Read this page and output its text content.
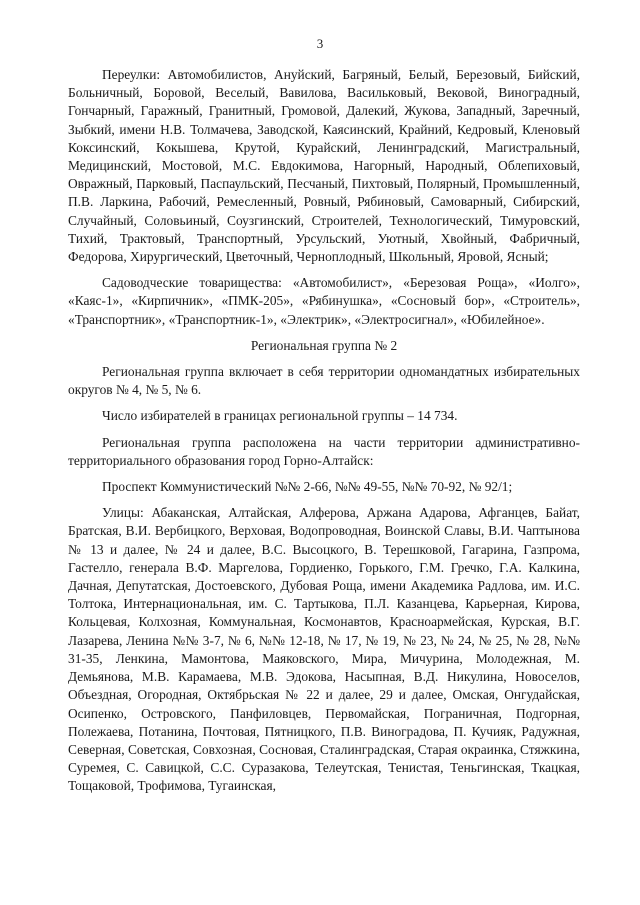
3

Переулки: Автомобилистов, Ануйский, Багряный, Белый, Березовый, Бийский, Больничный, Боровой, Веселый, Вавилова, Васильковый, Вековой, Виноградный, Гончарный, Гаражный, Гранитный, Громовой, Далекий, Жукова, Западный, Заречный, Зыбкий, имени Н.В. Толмачева, Заводской, Каясинский, Крайний, Кедровый, Кленовый Коксинский, Кокышева, Крутой, Курайский, Ленинградский, Магистральный, Медицинский, Мостовой, М.С. Евдокимова, Нагорный, Народный, Облепиховый, Овражный, Парковый, Паспаульский, Песчаный, Пихтовый, Полярный, Промышленный, П.В. Ларкина, Рабочий, Ремесленный, Ровный, Рябиновый, Самоварный, Сибирский, Случайный, Соловьиный, Соузгинский, Строителей, Технологический, Тимуровский, Тихий, Трактовый, Транспортный, Урсульский, Уютный, Хвойный, Фабричный, Федорова, Хирургический, Цветочный, Черноплодный, Школьный, Яровой, Ясный;

Садоводческие товарищества: «Автомобилист», «Березовая Роща», «Иолго», «Каяс-1», «Кирпичник», «ПМК-205», «Рябинушка», «Сосновый бор», «Строитель», «Транспортник», «Транспортник-1», «Электрик», «Электросигнал», «Юбилейное».

Региональная группа № 2

Региональная группа включает в себя территории одномандатных избирательных округов № 4, № 5, № 6.

Число избирателей в границах региональной группы – 14 734.

Региональная группа расположена на части территории административно-территориального образования город Горно-Алтайск:

Проспект Коммунистический №№ 2-66, №№ 49-55, №№ 70-92, № 92/1;

Улицы: Абаканская, Алтайская, Алферова, Аржана Адарова, Афганцев, Байат, Братская, В.И. Вербицкого, Верховая, Водопроводная, Воинской Славы, В.И. Чаптынова № 13 и далее, № 24 и далее, В.С. Высоцкого, В. Терешковой, Гагарина, Газпрома, Гастелло, генерала В.Ф. Маргелова, Гордиенко, Горького, Г.М. Гречко, Г.А. Калкина, Дачная, Депутатская, Достоевского, Дубовая Роща, имени Академика Радлова, им. И.С. Толтока, Интернациональная, им. С. Тартыкова, П.Л. Казанцева, Карьерная, Кирова, Кольцевая, Колхозная, Коммунальная, Космонавтов, Красноармейская, Курская, В.Г. Лазарева, Ленина №№ 3-7, № 6, №№ 12-18, № 17, № 19, № 23, № 24, № 25, № 28, №№ 31-35, Ленкина, Мамонтова, Маяковского, Мира, Мичурина, Молодежная, М. Демьянова, М.В. Карамаева, М.В. Эдокова, Насыпная, В.Д. Никулина, Новоселов, Объездная, Огородная, Октябрьская № 22 и далее, 29 и далее, Омская, Онгудайская, Осипенко, Островского, Панфиловцев, Первомайская, Пограничная, Подгорная, Полежаева, Потанина, Почтовая, Пятницкого, П.В. Виноградова, П. Кучияк, Радужная, Северная, Советская, Совхозная, Сосновая, Сталинградская, Старая окраинка, Стяжкина, Суремея, С. Савицкой, С.С. Суразакова, Телеутская, Тенистая, Теньгинская, Ткацкая, Тощаковой, Трофимова, Тугаинская,
